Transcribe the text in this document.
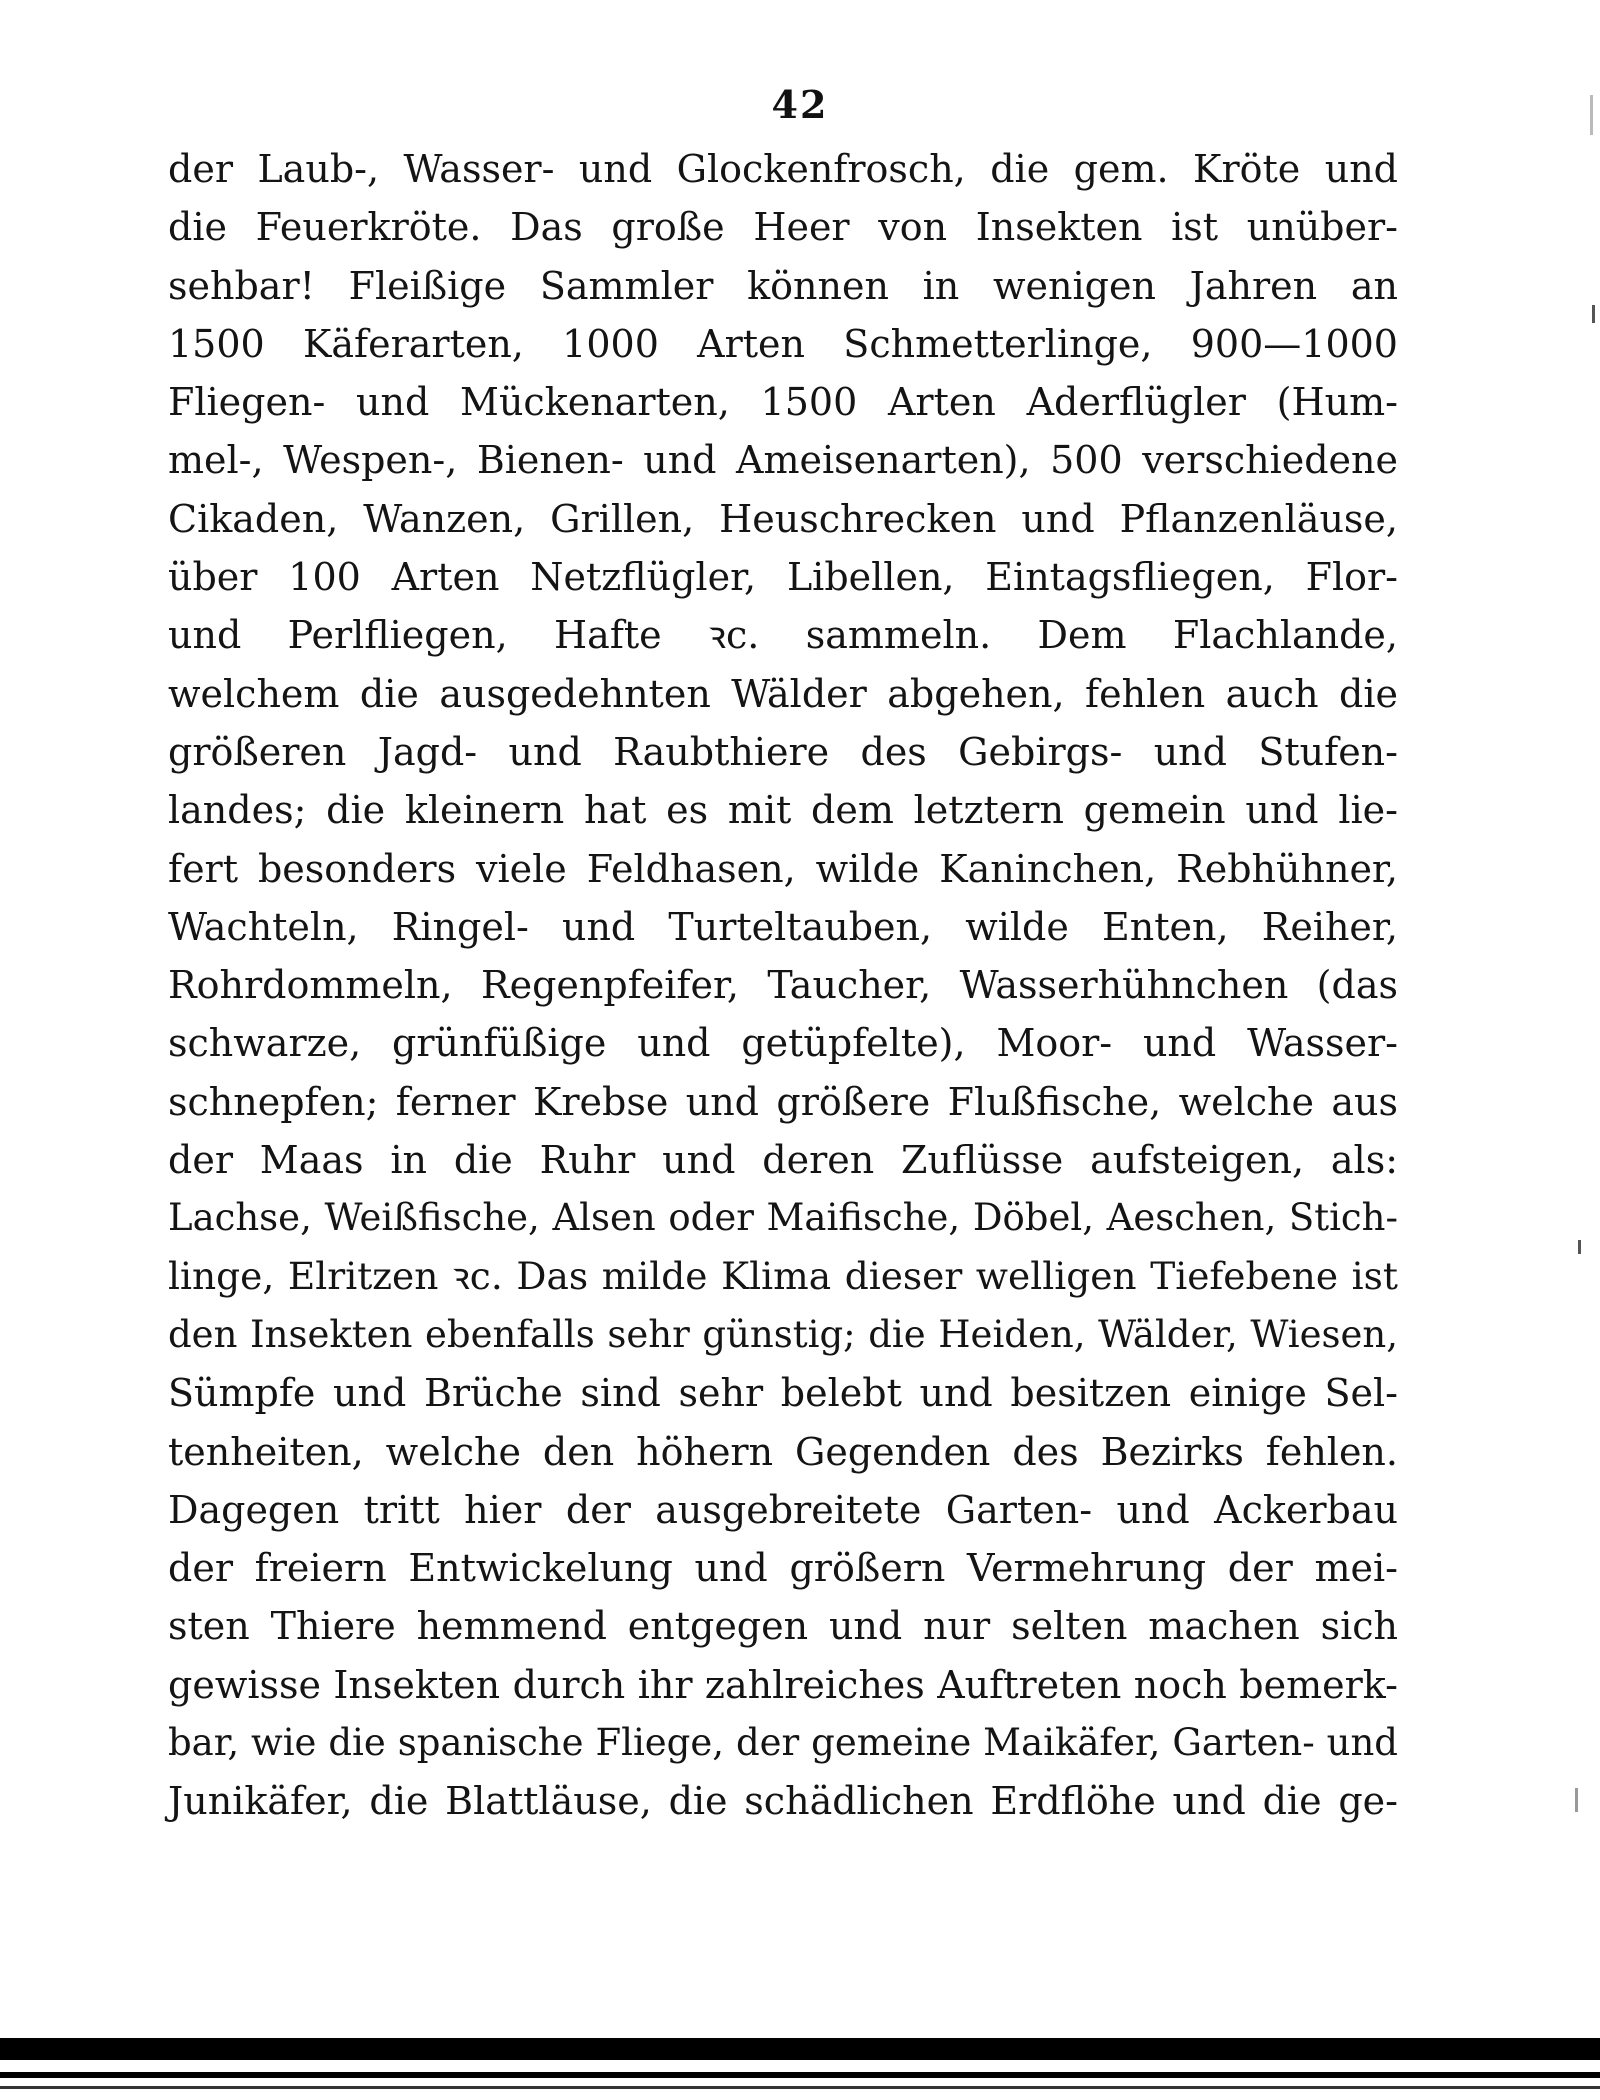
42
der Laub-, Wasser- und Glockenfrosch, die gem. Kröte und
die Feuerkröte. Das große Heer von Insekten ist unüber-
sehbar! Fleißige Sammler können in wenigen Jahren an
1500 Käferarten, 1000 Arten Schmetterlinge, 900—1000
Fliegen- und Mückenarten, 1500 Arten Aderflügler (Hum-
mel-, Wespen-, Bienen- und Ameisenarten), 500 verschiedene
Cikaden, Wanzen, Grillen, Heuschrecken und Pflanzenläuse,
über 100 Arten Netzflügler, Libellen, Eintagsfliegen, Flor-
und Perlfliegen, Hafte ꝛc. sammeln. Dem Flachlande,
welchem die ausgedehnten Wälder abgehen, fehlen auch die
größeren Jagd- und Raubthiere des Gebirgs- und Stufen-
landes; die kleinern hat es mit dem letztern gemein und lie-
fert besonders viele Feldhasen, wilde Kaninchen, Rebhühner,
Wachteln, Ringel- und Turteltauben, wilde Enten, Reiher,
Rohrdommeln, Regenpfeifer, Taucher, Wasserhühnchen (das
schwarze, grünfüßige und getüpfelte), Moor- und Wasser-
schnepfen; ferner Krebse und größere Flußfische, welche aus
der Maas in die Ruhr und deren Zuflüsse aufsteigen, als:
Lachse, Weißfische, Alsen oder Maifische, Döbel, Aeschen, Stich-
linge, Elritzen ꝛc. Das milde Klima dieser welligen Tiefebene ist
den Insekten ebenfalls sehr günstig; die Heiden, Wälder, Wiesen,
Sümpfe und Brüche sind sehr belebt und besitzen einige Sel-
tenheiten, welche den höhern Gegenden des Bezirks fehlen.
Dagegen tritt hier der ausgebreitete Garten- und Ackerbau
der freiern Entwickelung und größern Vermehrung der mei-
sten Thiere hemmend entgegen und nur selten machen sich
gewisse Insekten durch ihr zahlreiches Auftreten noch bemerk-
bar, wie die spanische Fliege, der gemeine Maikäfer, Garten- und
Junikäfer, die Blattläuse, die schädlichen Erdflöhe und die ge-
